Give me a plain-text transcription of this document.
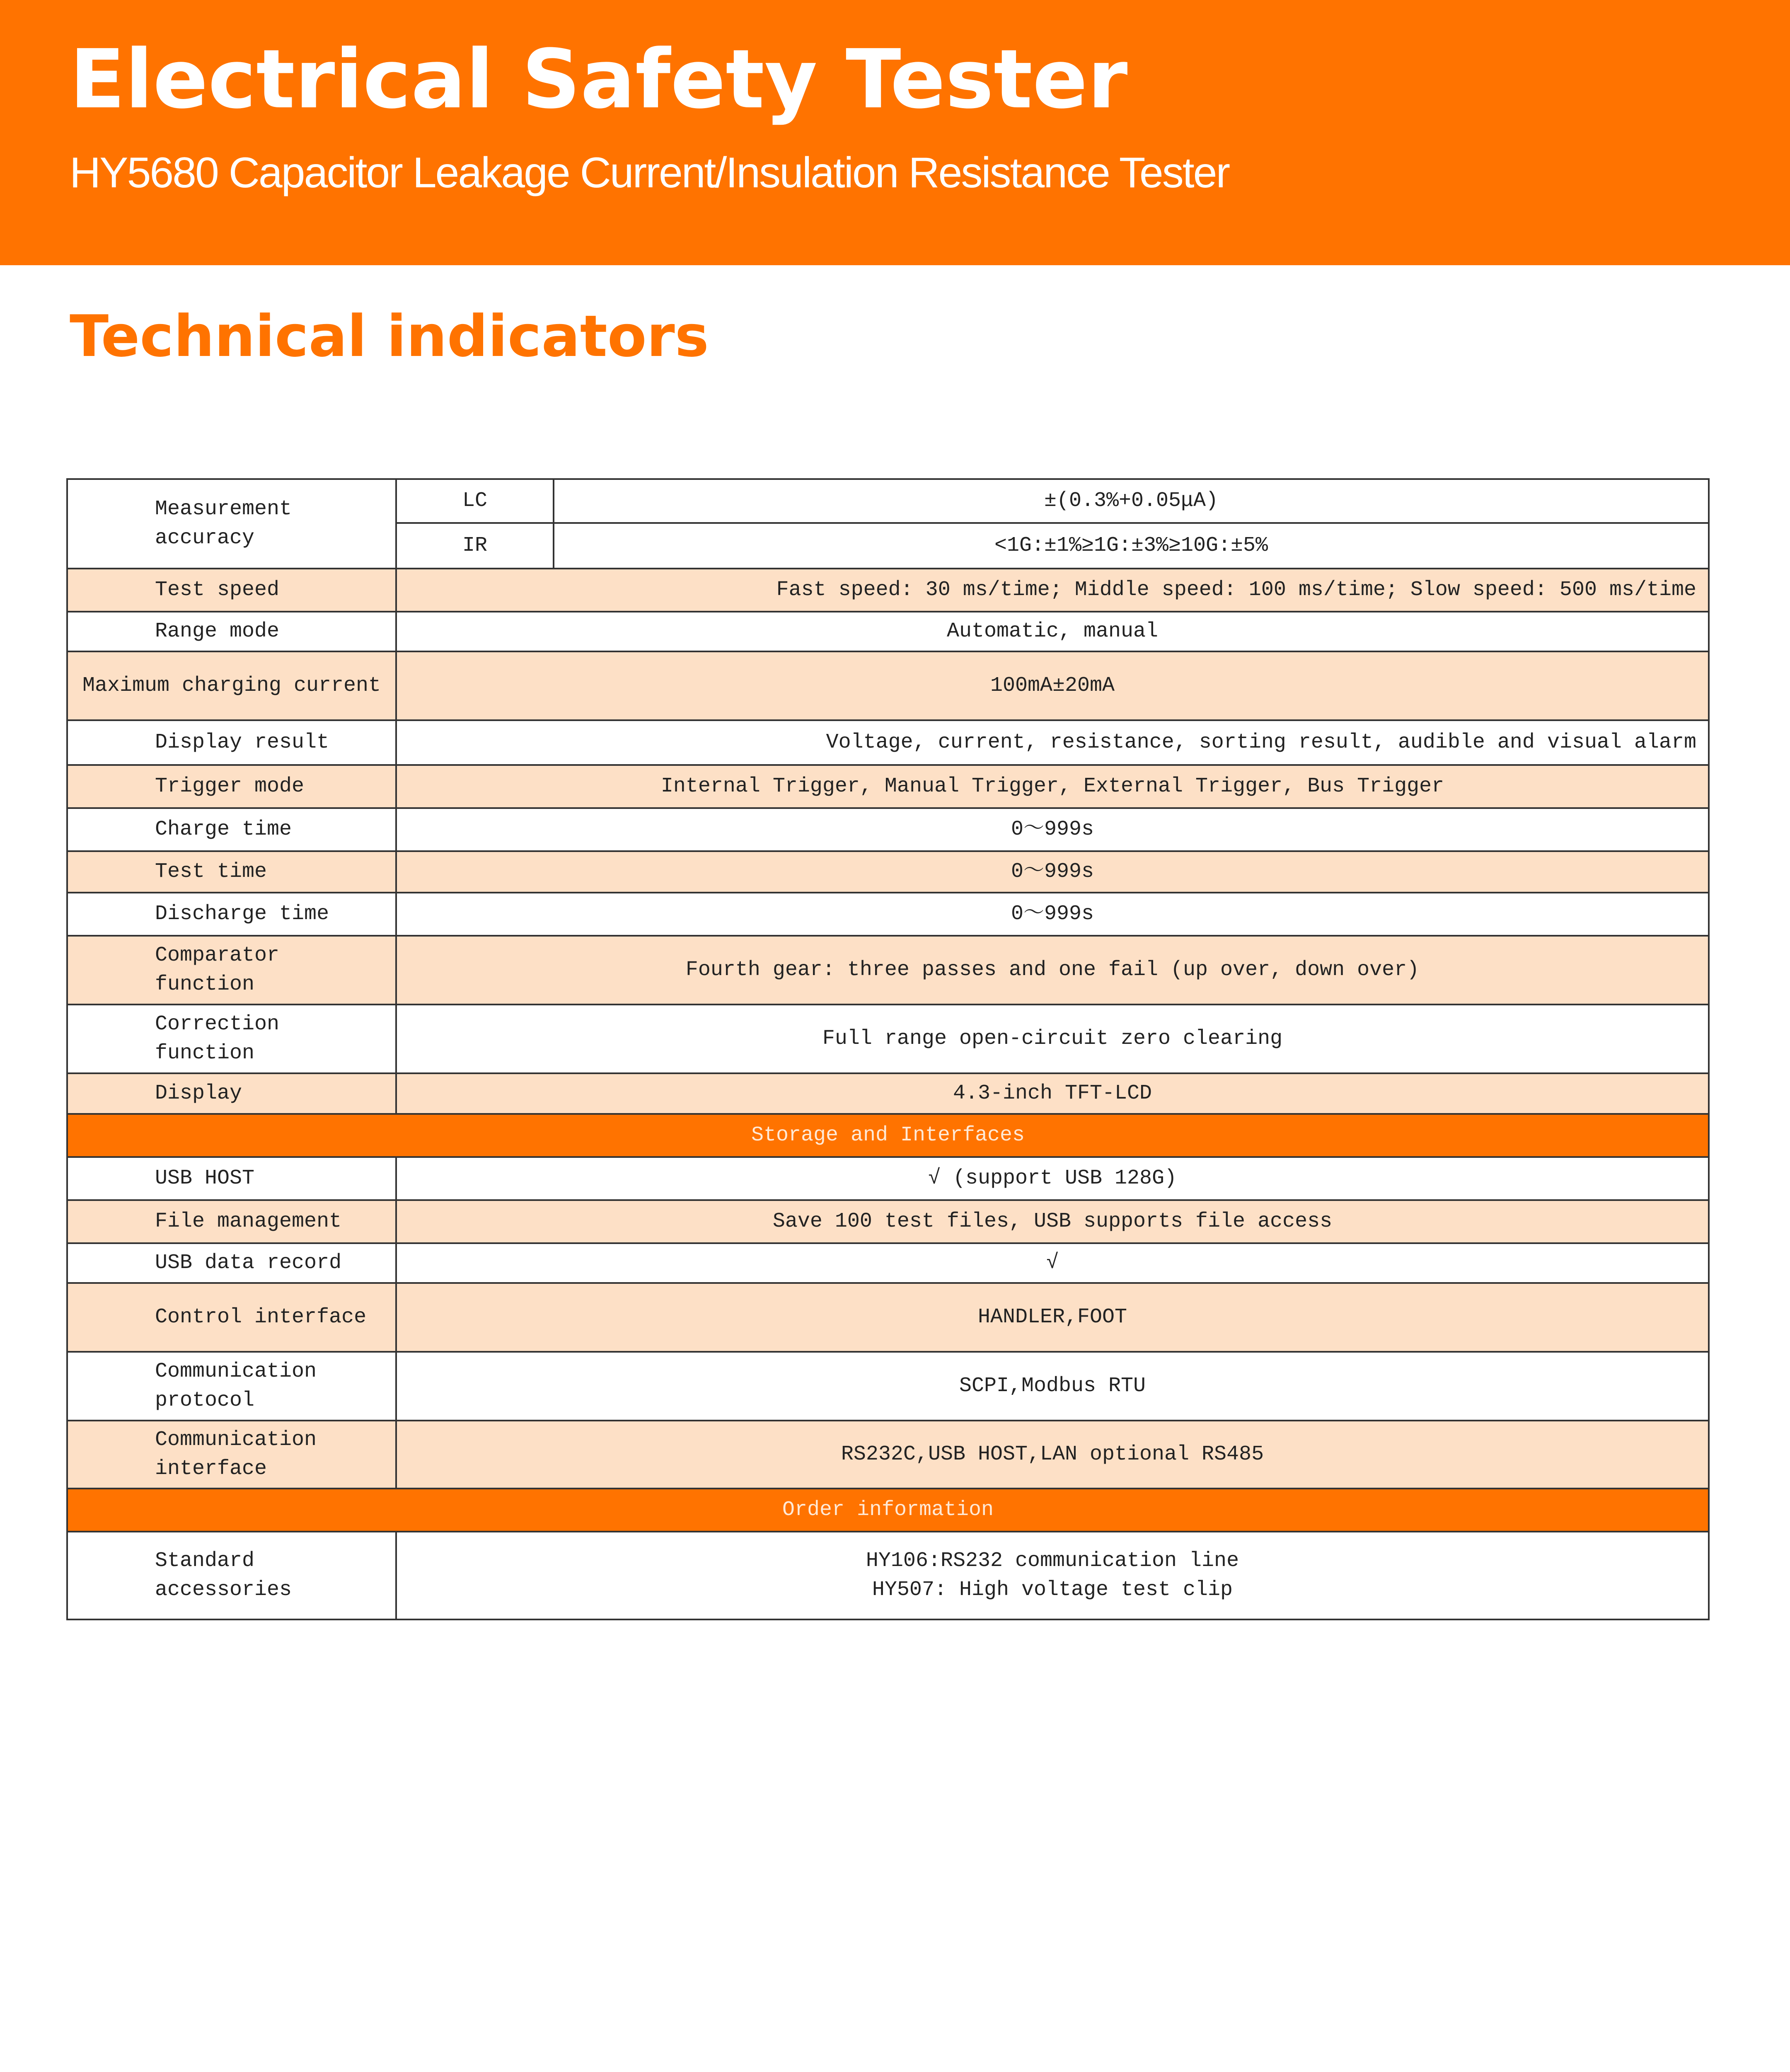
Electrical Safety Tester
HY5680 Capacitor Leakage Current/Insulation Resistance Tester
Technical indicators
Measurement accuracy	LC	±(0.3%+0.05μA)
	IR	<1G:±1%≥1G:±3%≥10G:±5%
Test speed	Fast speed: 30 ms/time; Middle speed: 100 ms/time; Slow speed: 500 ms/time	
Range mode	Automatic, manual	
Maximum charging current	100mA±20mA	
Display result	Voltage, current, resistance, sorting result, audible and visual alarm	
Trigger mode	Internal Trigger, Manual Trigger, External Trigger, Bus Trigger	
Charge time	0～999s	
Test time	0～999s	
Discharge time	0～999s	
Comparator function	Fourth gear: three passes and one fail (up over, down over)	
Correction function	Full range open-circuit zero clearing	
Display	4.3-inch TFT-LCD	
Storage and Interfaces		
USB HOST	√ (support USB 128G)	
File management	Save 100 test files, USB supports file access	
USB data record	√	
Control interface	HANDLER,FOOT	
Communication protocol	SCPI,Modbus RTU	
Communication interface	RS232C,USB HOST,LAN optional RS485	
Order information		
Standard accessories	HY106:RS232 communication line
HY507: High voltage test clip	
